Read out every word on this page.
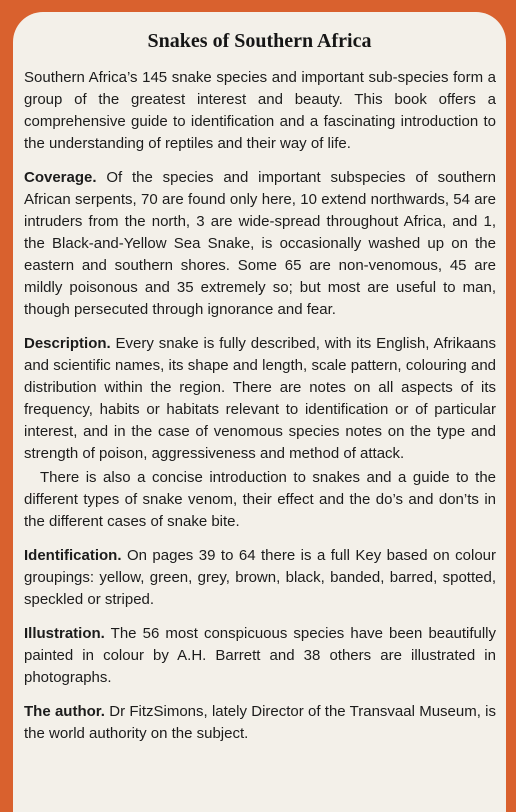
Snakes of Southern Africa

Southern Africa’s 145 snake species and important sub-species form a group of the greatest interest and beauty. This book offers a comprehensive guide to identification and a fascinating introduction to the understanding of reptiles and their way of life.

Coverage. Of the species and important subspecies of southern African serpents, 70 are found only here, 10 extend northwards, 54 are intruders from the north, 3 are wide-spread throughout Africa, and 1, the Black-and-Yellow Sea Snake, is occasionally washed up on the eastern and southern shores. Some 65 are non-venomous, 45 are mildly poisonous and 35 extremely so; but most are useful to man, though persecuted through ignorance and fear.

Description. Every snake is fully described, with its English, Afrikaans and scientific names, its shape and length, scale pattern, colouring and distribution within the region. There are notes on all aspects of its frequency, habits or habitats relevant to identification or of particular interest, and in the case of venomous species notes on the type and strength of poison, aggressiveness and method of attack.

There is also a concise introduction to snakes and a guide to the different types of snake venom, their effect and the do’s and don’ts in the different cases of snake bite.

Identification. On pages 39 to 64 there is a full Key based on colour groupings: yellow, green, grey, brown, black, banded, barred, spotted, speckled or striped.

Illustration. The 56 most conspicuous species have been beautifully painted in colour by A.H. Barrett and 38 others are illustrated in photographs.

The author. Dr FitzSimons, lately Director of the Transvaal Museum, is the world authority on the subject.
